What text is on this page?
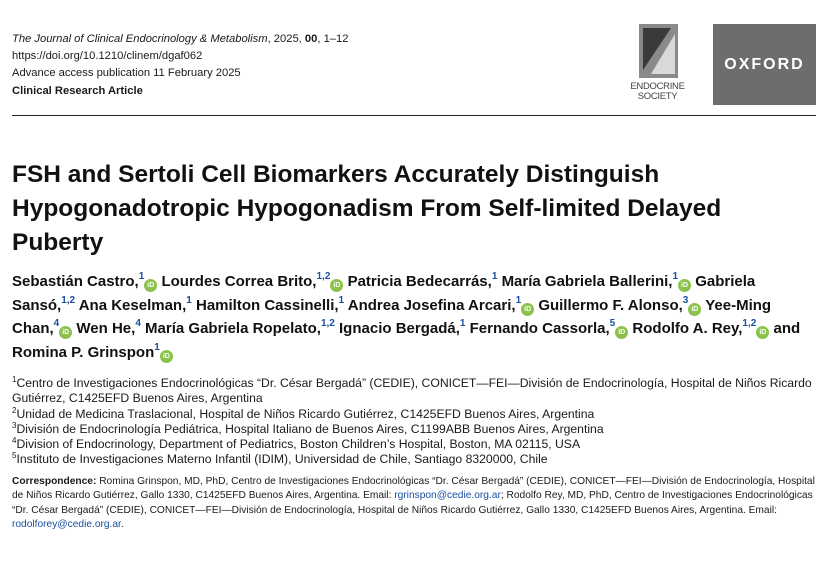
The Journal of Clinical Endocrinology & Metabolism, 2025, 00, 1–12
https://doi.org/10.1210/clinem/dgaf062
Advance access publication 11 February 2025
Clinical Research Article	ENDOCRINE
SOCIETY
OXFORD
FSH and Sertoli Cell Biomarkers Accurately Distinguish Hypogonadotropic Hypogonadism From Self-limited Delayed Puberty
Sebastián Castro,$^1$iD Lourdes Correa Brito,$^{1,2}$iD Patricia Bedecarrás,$^1$ María Gabriela Ballerini,$^1$iD Gabriela Sansó,$^{1,2}$ Ana Keselman,$^1$ Hamilton Cassinelli,$^1$ Andrea Josefina Arcari,$^1$iD Guillermo F. Alonso,$^3$iD Yee-Ming Chan,$^4$iD Wen He,$^4$ María Gabriela Ropelato,$^{1,2}$ Ignacio Bergadá,$^1$ Fernando Cassorla,$^5$iD Rodolfo A. Rey,$^{1,2}$iD and Romina P. Grinspon$^1$iD
$^1$Centro de Investigaciones Endocrinológicas “Dr. César Bergadá” (CEDIE), CONICET—FEI—División de Endocrinología, Hospital de Niños Ricardo Gutiérrez, C1425EFD Buenos Aires, Argentina
$^2$Unidad de Medicina Traslacional, Hospital de Niños Ricardo Gutiérrez, C1425EFD Buenos Aires, Argentina
$^3$División de Endocrinología Pediátrica, Hospital Italiano de Buenos Aires, C1199ABB Buenos Aires, Argentina
$^4$Division of Endocrinology, Department of Pediatrics, Boston Children’s Hospital, Boston, MA 02115, USA
$^5$Instituto de Investigaciones Materno Infantil (IDIM), Universidad de Chile, Santiago 8320000, Chile
Correspondence: Romina Grinspon, MD, PhD, Centro de Investigaciones Endocrinológicas “Dr. César Bergadá” (CEDIE), CONICET—FEI—División de Endocrinología, Hospital de Niños Ricardo Gutiérrez, Gallo 1330, C1425EFD Buenos Aires, Argentina. Email: rgrinspon@cedie.org.ar; Rodolfo Rey, MD, PhD, Centro de Investigaciones Endocrinológicas “Dr. César Bergadá” (CEDIE), CONICET—FEI—División de Endocrinología, Hospital de Niños Ricardo Gutiérrez, Gallo 1330, C1425EFD Buenos Aires, Argentina. Email: rodolforey@cedie.org.ar.
